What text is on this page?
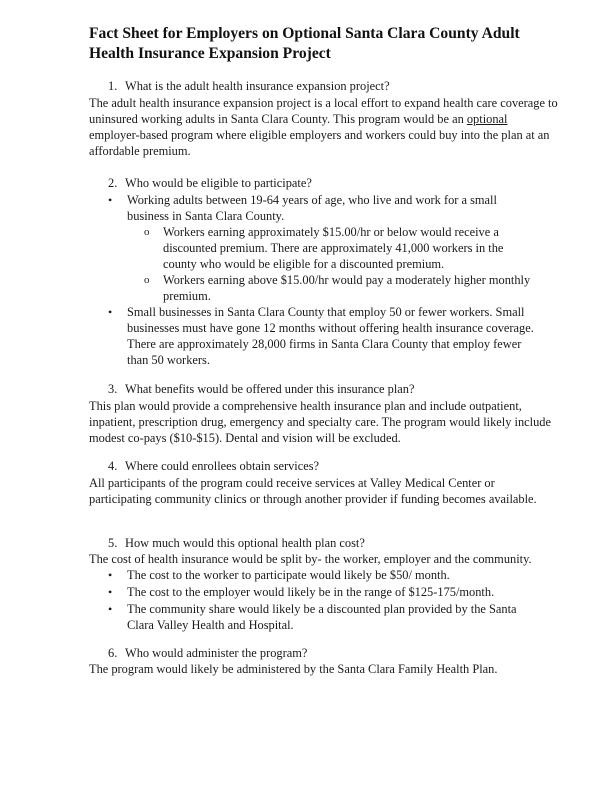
Fact Sheet for Employers on Optional Santa Clara County Adult Health Insurance Expansion Project
1. What is the adult health insurance expansion project?
The adult health insurance expansion project is a local effort to expand health care coverage to uninsured working adults in Santa Clara County. This program would be an optional employer-based program where eligible employers and workers could buy into the plan at an affordable premium.
2. Who would be eligible to participate?
• Working adults between 19-64 years of age, who live and work for a small business in Santa Clara County.
o Workers earning approximately $15.00/hr or below would receive a discounted premium. There are approximately 41,000 workers in the county who would be eligible for a discounted premium.
o Workers earning above $15.00/hr would pay a moderately higher monthly premium.
• Small businesses in Santa Clara County that employ 50 or fewer workers. Small businesses must have gone 12 months without offering health insurance coverage. There are approximately 28,000 firms in Santa Clara County that employ fewer than 50 workers.
3. What benefits would be offered under this insurance plan?
This plan would provide a comprehensive health insurance plan and include outpatient, inpatient, prescription drug, emergency and specialty care. The program would likely include modest co-pays ($10-$15). Dental and vision will be excluded.
4. Where could enrollees obtain services?
All participants of the program could receive services at Valley Medical Center or participating community clinics or through another provider if funding becomes available.
5. How much would this optional health plan cost?
The cost of health insurance would be split by- the worker, employer and the community.
• The cost to the worker to participate would likely be $50/ month.
• The cost to the employer would likely be in the range of $125-175/month.
• The community share would likely be a discounted plan provided by the Santa Clara Valley Health and Hospital.
6. Who would administer the program?
The program would likely be administered by the Santa Clara Family Health Plan.
